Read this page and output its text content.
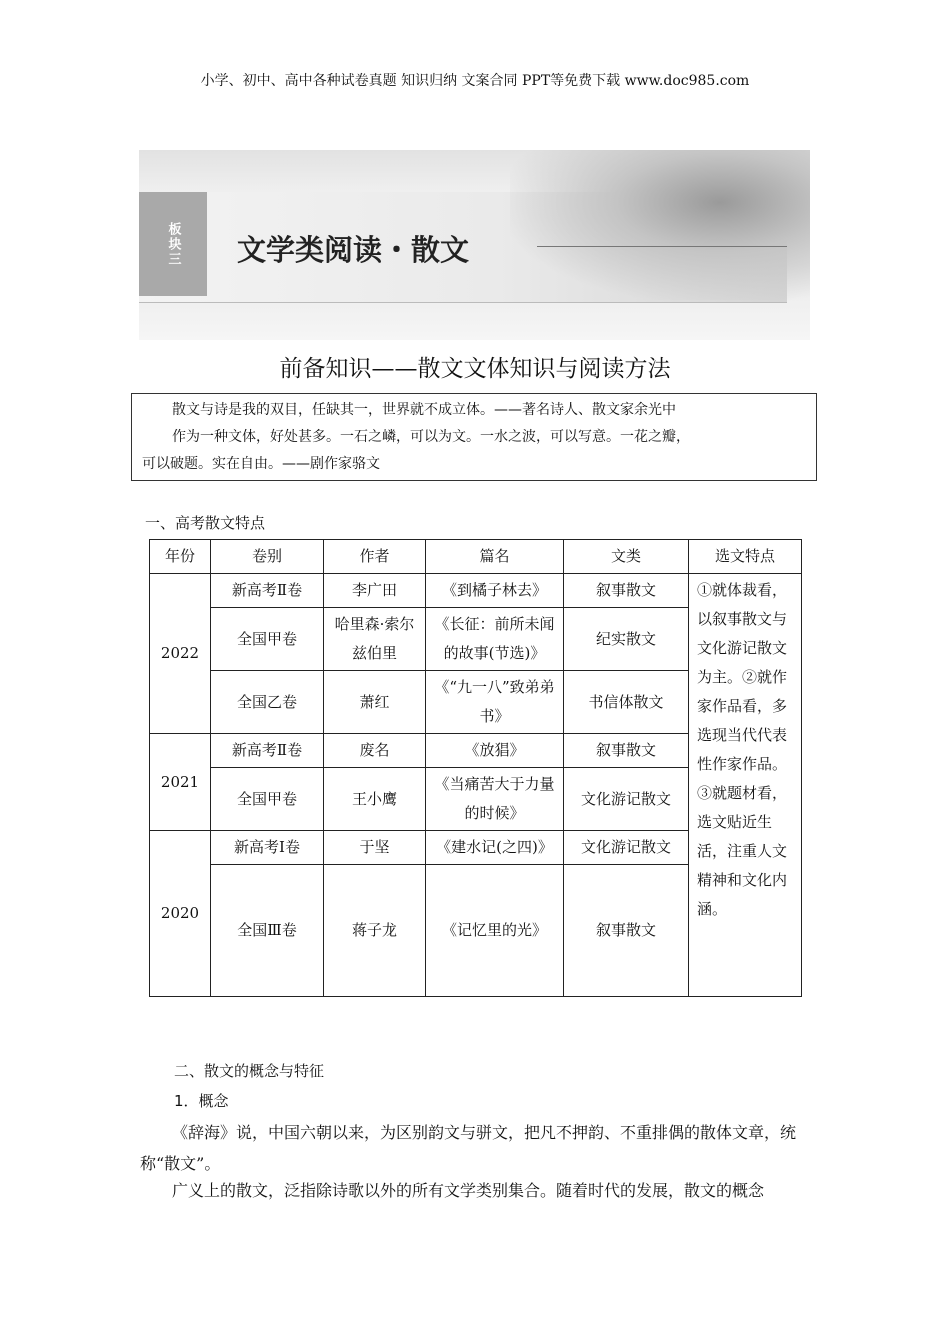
小学、初中、高中各种试卷真题 知识归纳 文案合同 PPT等免费下载 www.doc985.com
板块三	文学类阅读・散文
前备知识——散文文体知识与阅读方法

散文与诗是我的双目，任缺其一，世界就不成立体。——著名诗人、散文家余光中

作为一种文体，好处甚多。一石之嶙，可以为文。一水之波，可以写意。一花之瓣，

可以破题。实在自由。——剧作家骆文

一、高考散文特点
年份	卷别	作者	篇名	文类	选文特点
2022	新高考Ⅱ卷	李广田	《到橘子林去》	叙事散文	①就体裁看，以叙事散文与文化游记散文为主。②就作家作品看，多选现当代代表性作家作品。③就题材看，选文贴近生活，注重人文精神和文化内涵。
	全国甲卷	哈里森·索尔兹伯里	《长征：前所未闻的故事(节选)》	纪实散文	
	全国乙卷	萧红	《“九一八”致弟弟书》	书信体散文	
2021	新高考Ⅱ卷	废名	《放猖》	叙事散文	
	全国甲卷	王小鹰	《当痛苦大于力量的时候》	文化游记散文	
2020	新高考Ⅰ卷	于坚	《建水记(之四)》	文化游记散文	
	全国Ⅲ卷	蒋子龙	《记忆里的光》	叙事散文	
二、散文的概念与特征
1．概念
《辞海》说，中国六朝以来，为区别韵文与骈文，把凡不押韵、不重排偶的散体文章，统称“散文”。
广义上的散文，泛指除诗歌以外的所有文学类别集合。随着时代的发展，散文的概念
